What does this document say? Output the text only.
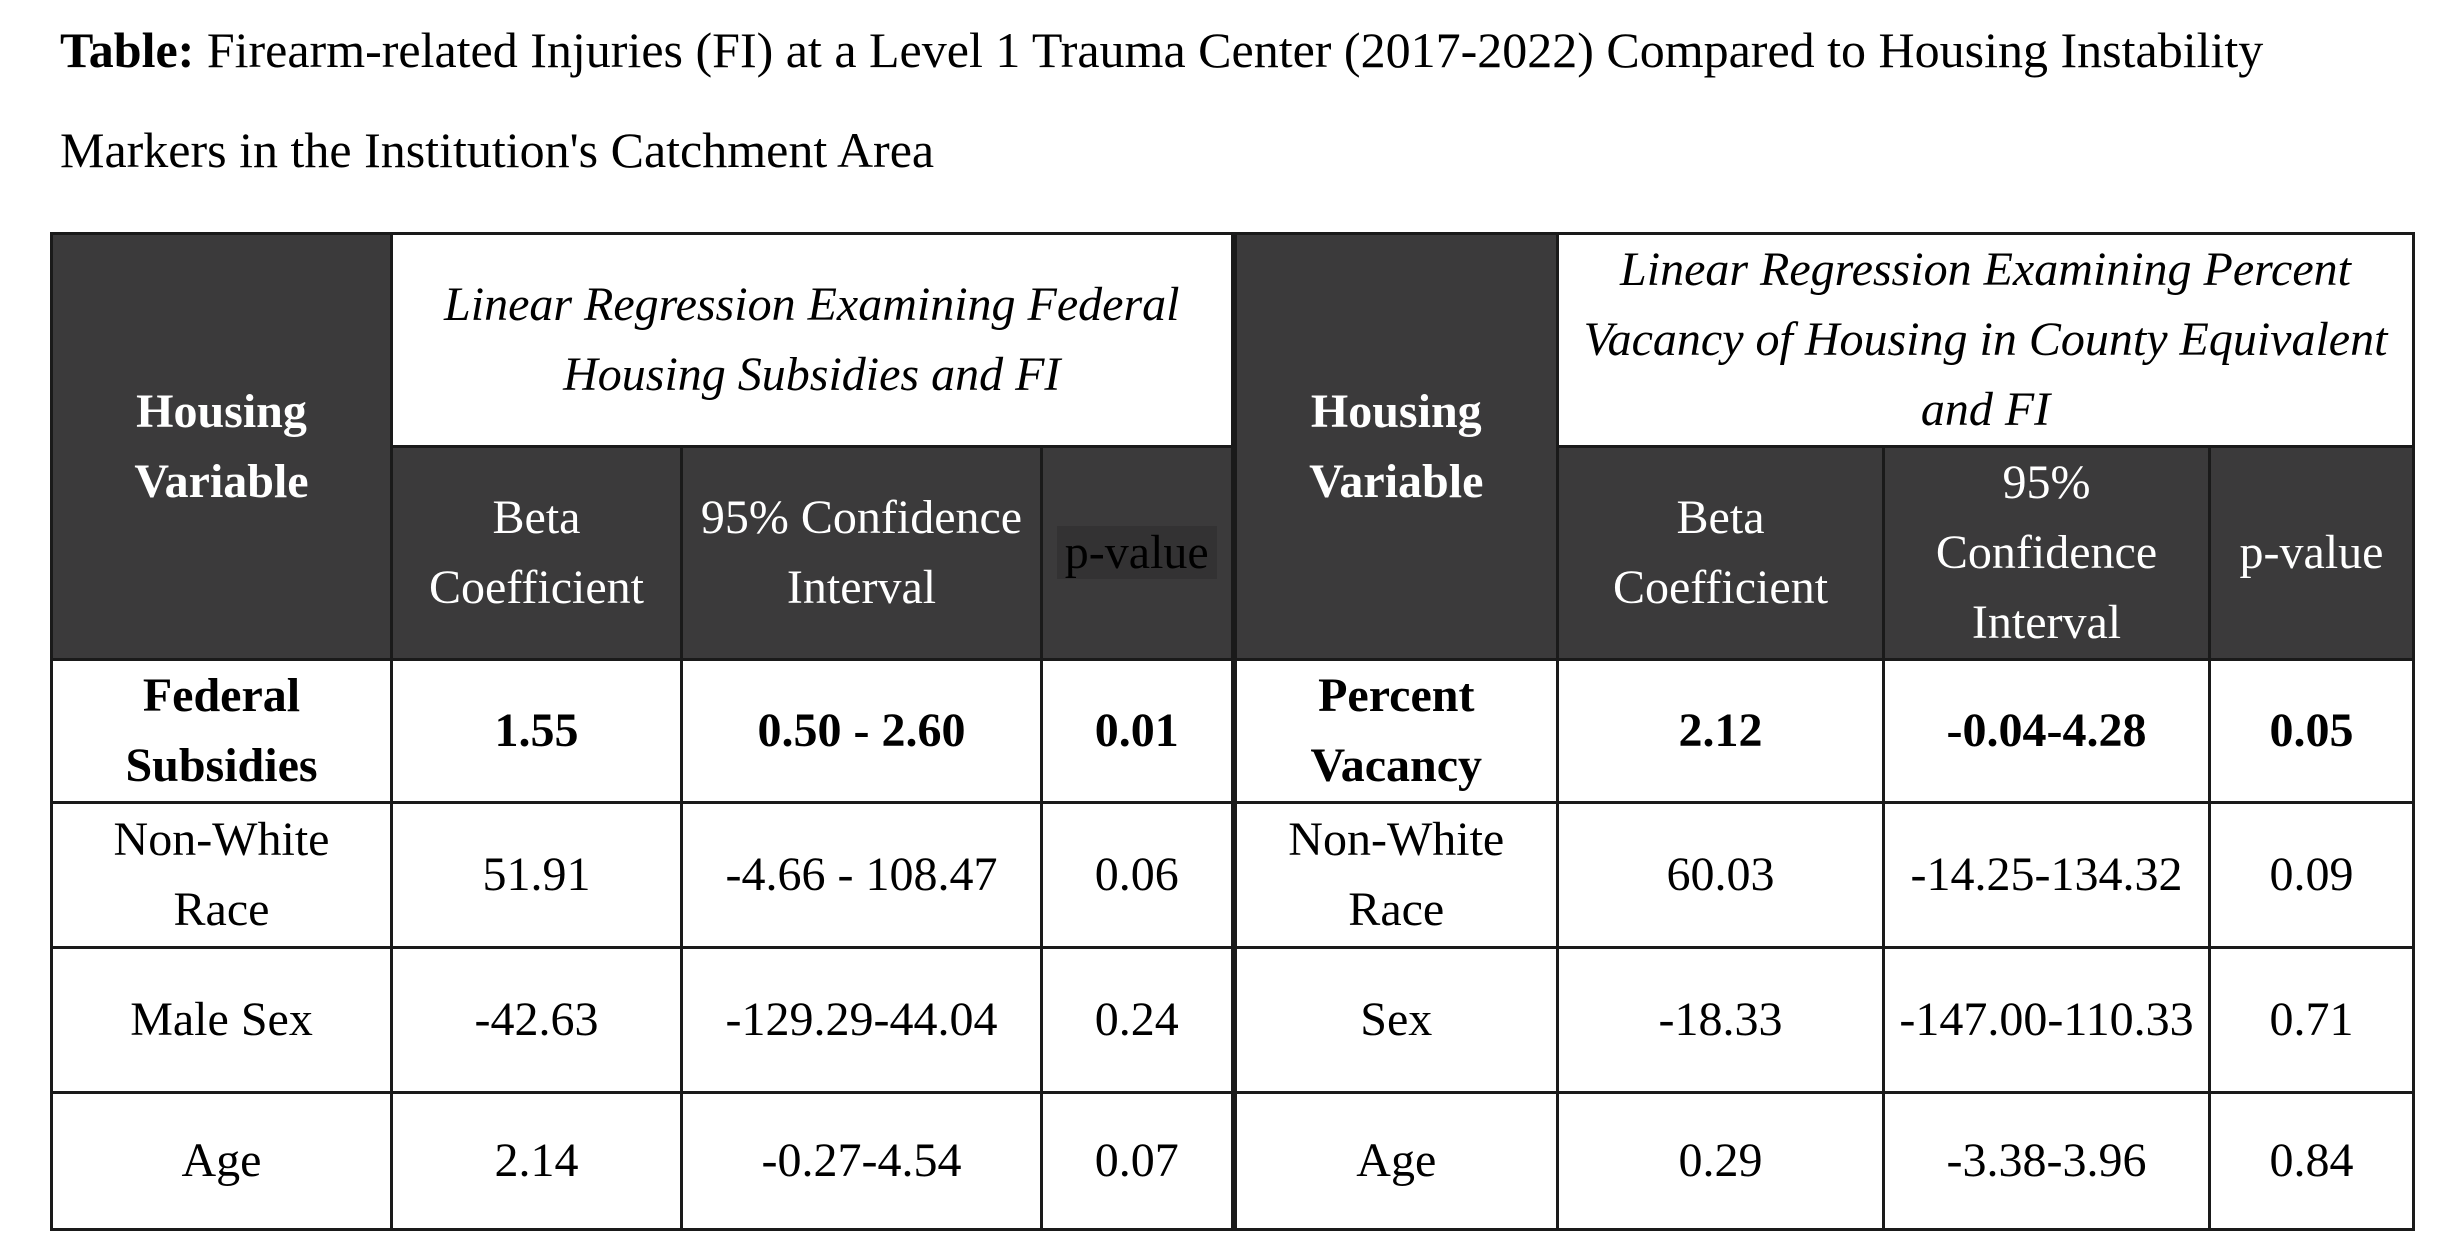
Table: Firearm-related Injuries (FI) at a Level 1 Trauma Center (2017-2022) Compared to Housing Instability Markers in the Institution's Catchment Area
Housing Variable	Linear Regression Examining Federal Housing Subsidies and FI			Housing Variable	Linear Regression Examining Percent Vacancy of Housing in County Equivalent and FI		
	Beta Coefficient	95% Confidence Interval	p-value		Beta Coefficient	95% Confidence Interval	p-value
Federal Subsidies	1.55	0.50 - 2.60	0.01	Percent Vacancy	2.12	-0.04-4.28	0.05
Non-White Race	51.91	-4.66 - 108.47	0.06	Non-White Race	60.03	-14.25-134.32	0.09
Male Sex	-42.63	-129.29-44.04	0.24	Sex	-18.33	-147.00-110.33	0.71
Age	2.14	-0.27-4.54	0.07	Age	0.29	-3.38-3.96	0.84
